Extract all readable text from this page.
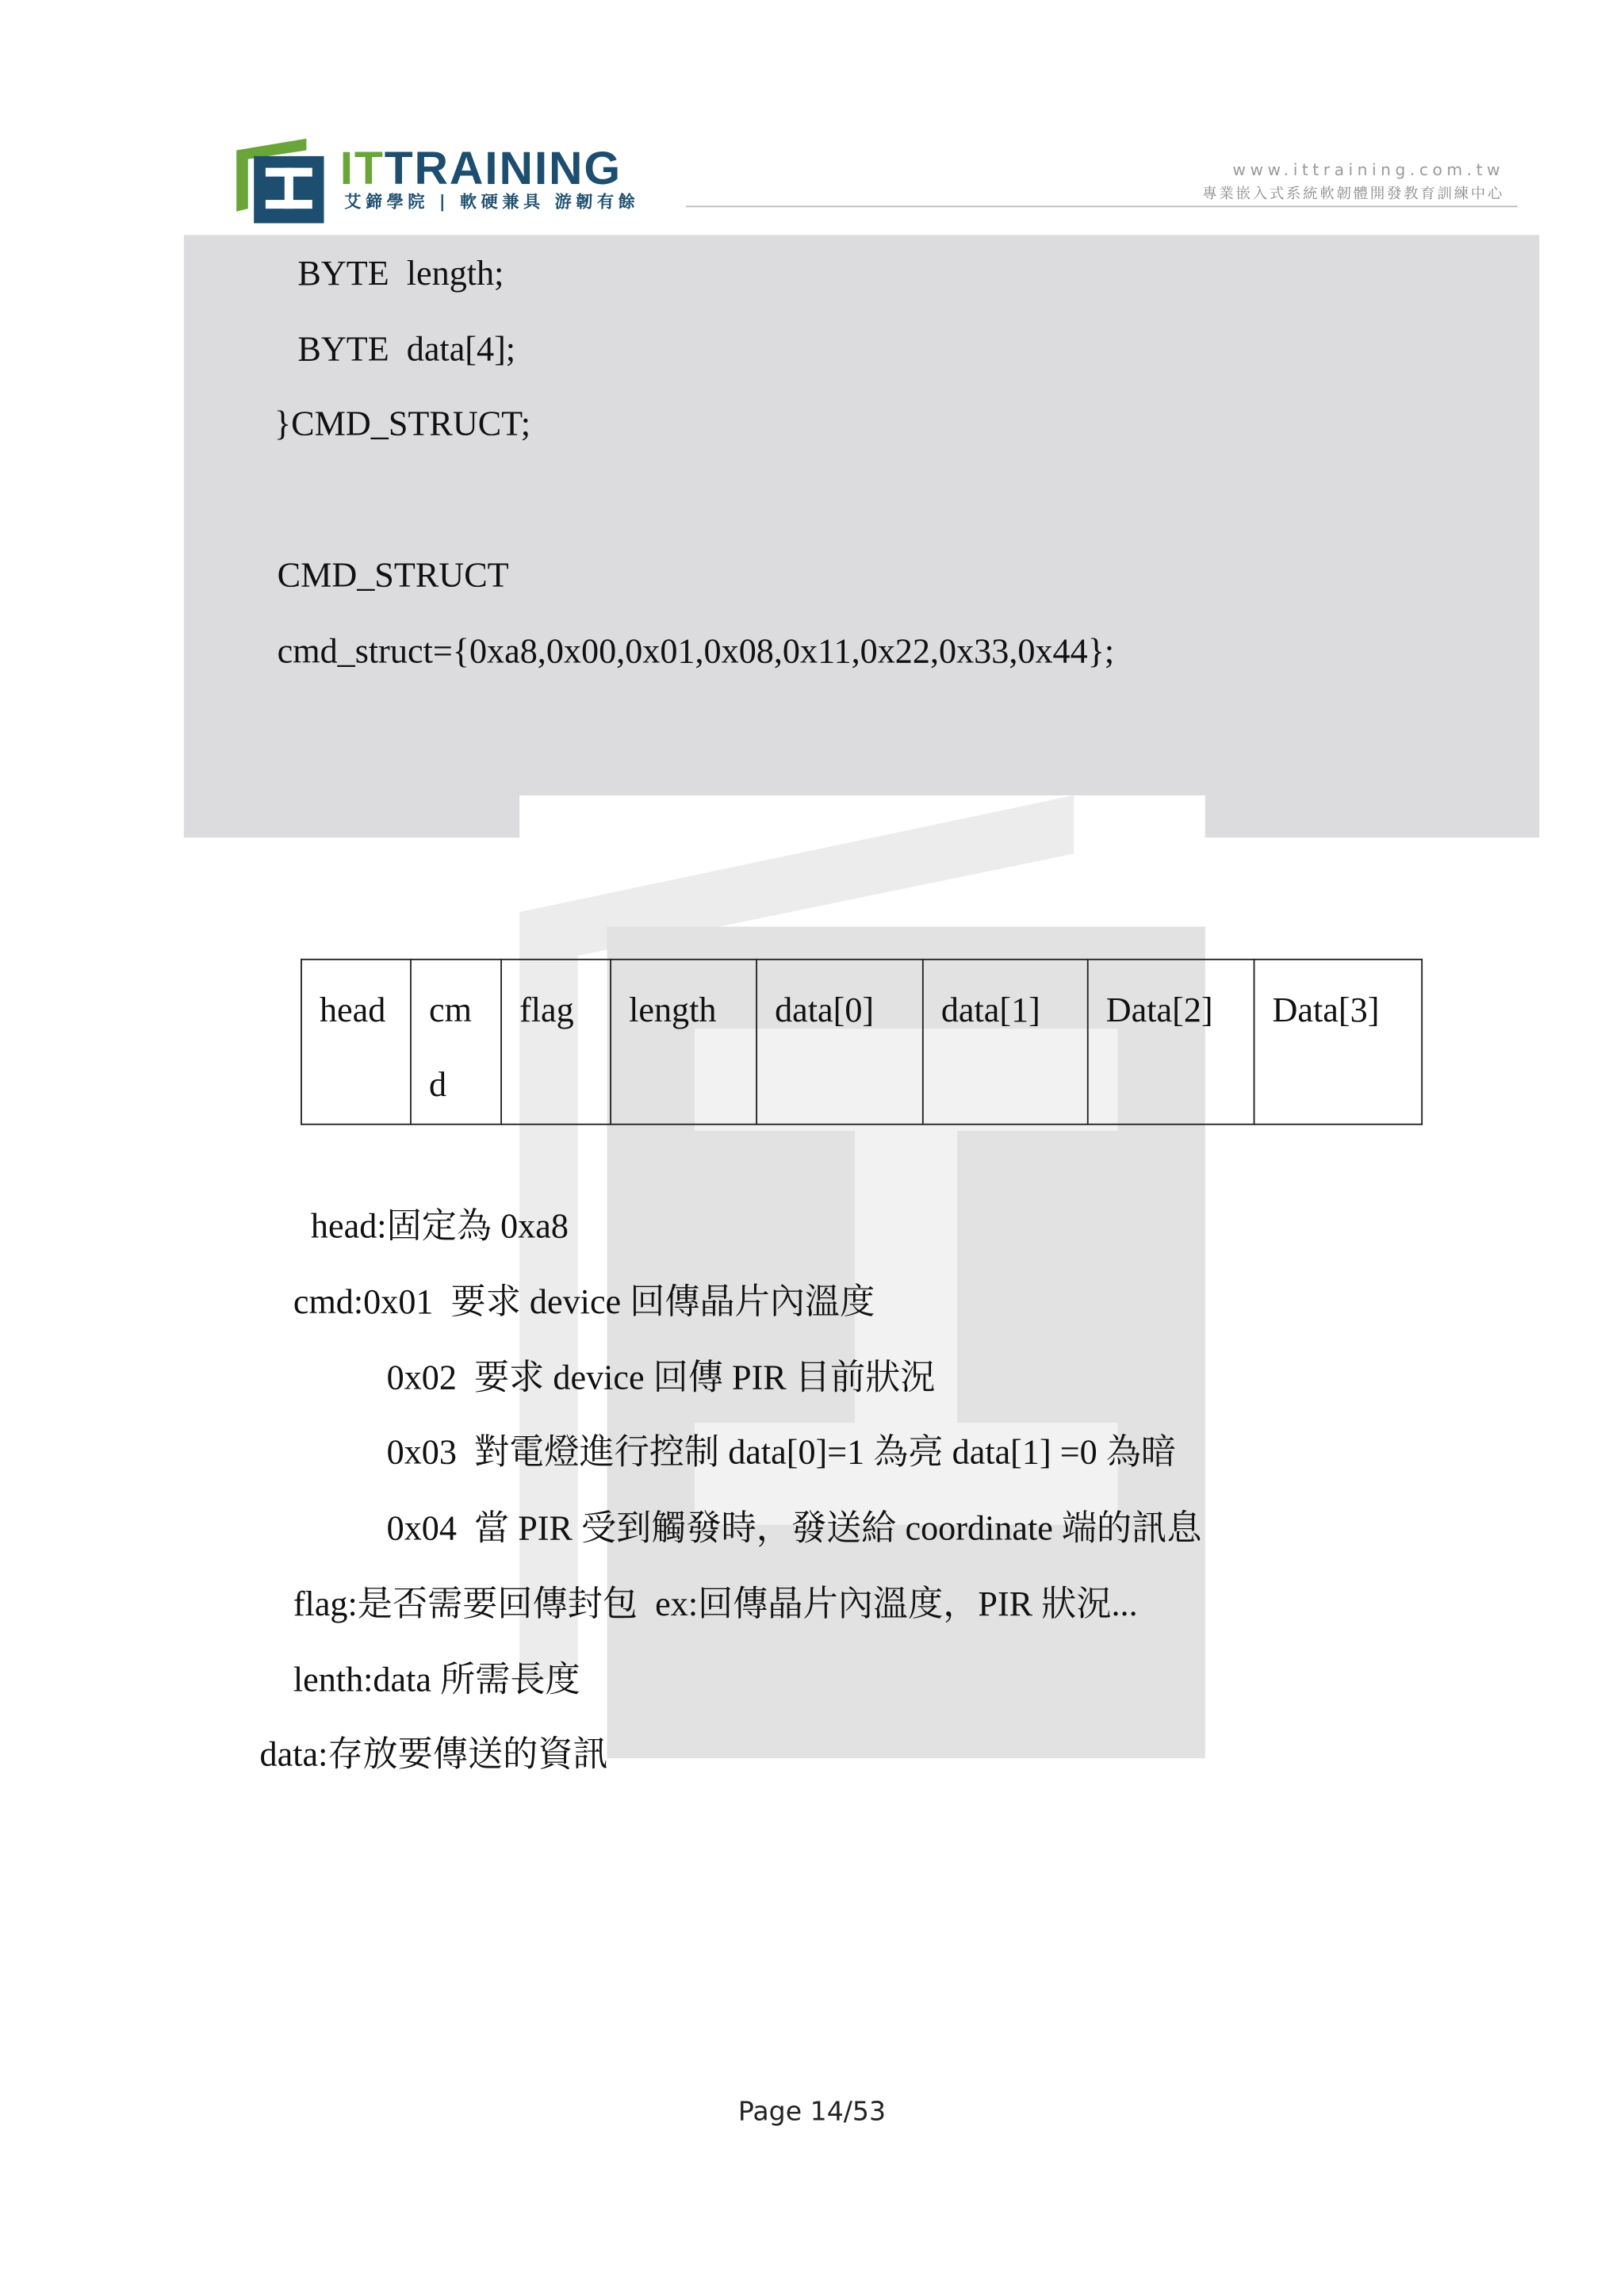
ITTRAINING
艾鍗學院 | 軟硬兼具 游韌有餘
www.ittraining.com.tw
專業嵌入式系統軟韌體開發教育訓練中心
BYTE  length;
BYTE  data[4];
}CMD_STRUCT;
CMD_STRUCT
cmd_struct={0xa8,0x00,0x01,0x08,0x11,0x22,0x33,0x44};
head	cmd	flag	length	data[0]	data[1]	Data[2]	Data[3]
head:固定為 0xa8
cmd:0x01  要求 device 回傳晶片內溫度
0x02  要求 device 回傳 PIR 目前狀況
0x03  對電燈進行控制 data[0]=1 為亮 data[1] =0 為暗
0x04  當 PIR 受到觸發時，發送給 coordinate 端的訊息
flag:是否需要回傳封包  ex:回傳晶片內溫度，PIR 狀況...
lenth:data 所需長度
data:存放要傳送的資訊
Page 14/53
